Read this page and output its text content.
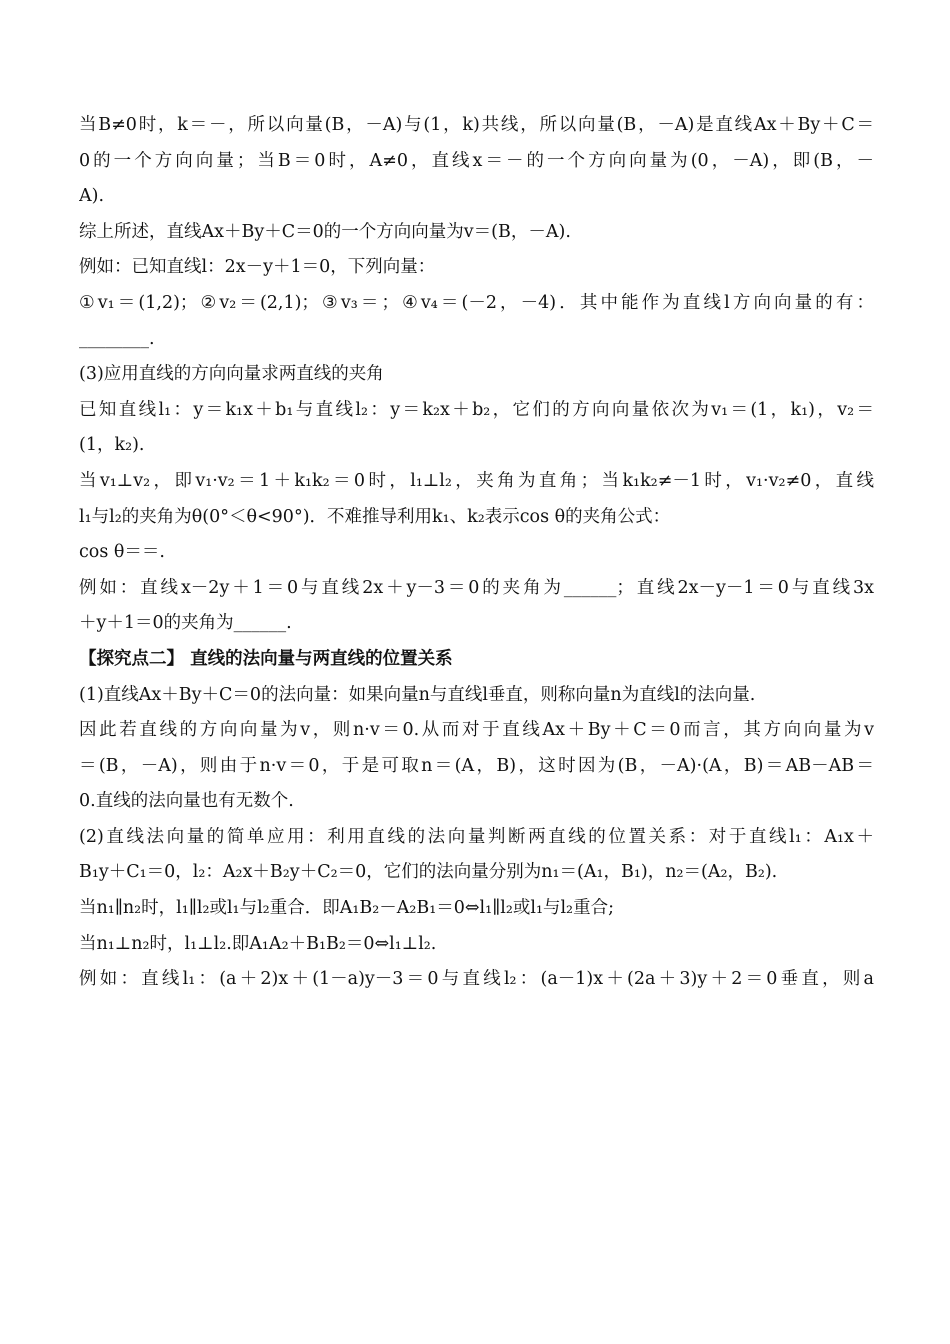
当B≠0时，k＝－，所以向量(B，－A)与(1，k)共线，所以向量(B，－A)是直线Ax＋By＋C＝
0的一个方向向量；当B＝0时，A≠0，直线x＝－的一个方向向量为(0，－A)，即(B，－
A).
综上所述，直线Ax＋By＋C＝0的一个方向向量为v＝(B，－A).
例如：已知直线l：2x－y＋1＝0，下列向量：
①v₁＝(1,2)；②v₂＝(2,1)；③v₃＝；④v₄＝(－2，－4)．其中能作为直线l方向向量的有：
________.
(3)应用直线的方向向量求两直线的夹角
已知直线l₁：y＝k₁x＋b₁与直线l₂：y＝k₂x＋b₂，它们的方向向量依次为v₁＝(1，k₁)，v₂＝
(1，k₂).
当v₁⊥v₂，即v₁·v₂＝1＋k₁k₂＝0时，l₁⊥l₂，夹角为直角；当k₁k₂≠－1时，v₁·v₂≠0，直线
l₁与l₂的夹角为θ(0°＜θ<90°)．不难推导利用k₁、k₂表示cos θ的夹角公式：
cos θ＝＝.
例如：直线x－2y＋1＝0与直线2x＋y－3＝0的夹角为______；直线2x－y－1＝0与直线3x
＋y＋1＝0的夹角为______.
【探究点二】 直线的法向量与两直线的位置关系
(1)直线Ax＋By＋C＝0的法向量：如果向量n与直线l垂直，则称向量n为直线l的法向量.
因此若直线的方向向量为v，则n·v＝0.从而对于直线Ax＋By＋C＝0而言，其方向向量为v
＝(B，－A)，则由于n·v＝0，于是可取n＝(A，B)，这时因为(B，－A)·(A，B)＝AB－AB＝
0.直线的法向量也有无数个.
(2)直线法向量的简单应用：利用直线的法向量判断两直线的位置关系：对于直线l₁：A₁x＋
B₁y＋C₁＝0，l₂：A₂x＋B₂y＋C₂＝0，它们的法向量分别为n₁＝(A₁，B₁)，n₂＝(A₂，B₂).
当n₁∥n₂时，l₁∥l₂或l₁与l₂重合．即A₁B₂－A₂B₁＝0⇔l₁∥l₂或l₁与l₂重合;
当n₁⊥n₂时，l₁⊥l₂.即A₁A₂＋B₁B₂＝0⇔l₁⊥l₂.
例如：直线l₁：(a＋2)x＋(1－a)y－3＝0与直线l₂：(a－1)x＋(2a＋3)y＋2＝0垂直，则a
